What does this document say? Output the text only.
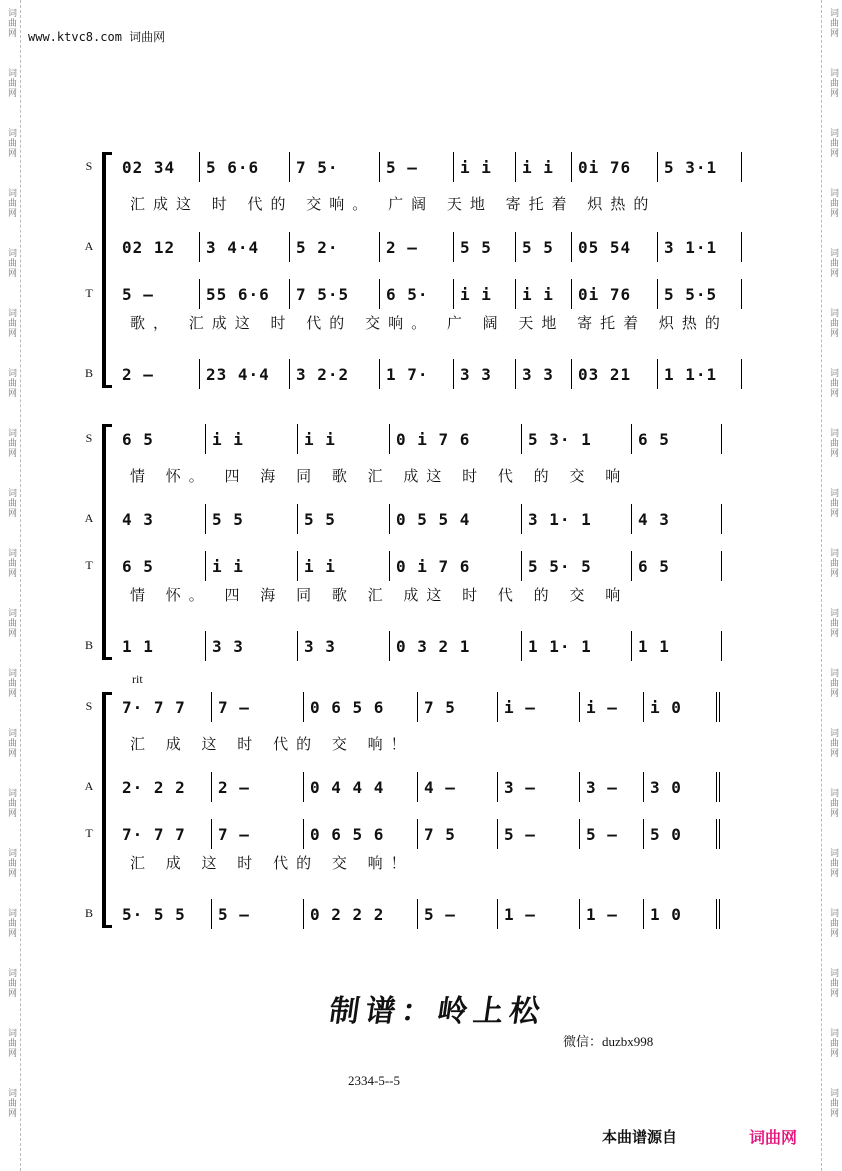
词曲网	词曲网
词曲网	词曲网
词曲网	词曲网
词曲网	词曲网
词曲网	词曲网
词曲网	词曲网
词曲网	词曲网
词曲网	词曲网
词曲网	词曲网
词曲网	词曲网
词曲网	词曲网
词曲网	词曲网
词曲网	词曲网
词曲网	词曲网
词曲网	词曲网
词曲网	词曲网
词曲网	词曲网
词曲网	词曲网
词曲网	词曲网
www.ktvc8.com 词曲网
S	02 34	5 6·6	7 5·	5 –	i i	i i	0i 76	5 3·1
A	02 12	3 4·4	5 2·	2 –	5 5	5 5	05 54	3 1·1
T	5 –	55 6·6	7 5·5	6 5·	i i	i i	0i 76	5 5·5
B	2 –	23 4·4	3 2·2	1 7·	3 3	3 3	03 21	1 1·1
汇成这 时 代的 交响。 广阔 天地 寄托着 炽热的
歌， 汇成这 时 代的 交响。 广 阔 天地 寄托着 炽热的
S	6 5	i i	i i	0 i 7 6	5 3· 1	6 5
A	4 3	5 5	5 5	0 5 5 4	3 1· 1	4 3
T	6 5	i i	i i	0 i 7 6	5 5· 5	6 5
B	1 1	3 3	3 3	0 3 2 1	1 1· 1	1 1
情 怀。 四 海 同 歌 汇 成这 时 代 的 交 响
情 怀。 四 海 同 歌 汇 成这 时 代 的 交 响
S	7· 7 7	7 –	0 6 5 6	7 5	i –	i –	i 0
A	2· 2 2	2 –	0 4 4 4	4 –	3 –	3 –	3 0
T	7· 7 7	7 –	0 6 5 6	7 5	5 –	5 –	5 0
B	5· 5 5	5 –	0 2 2 2	5 –	1 –	1 –	1 0
汇 成 这 时 代的 交 响！
汇 成 这 时 代的 交 响！
rit
制谱：岭上松
微信：duzbx998
2334-5--5
本曲谱源自	词曲网
